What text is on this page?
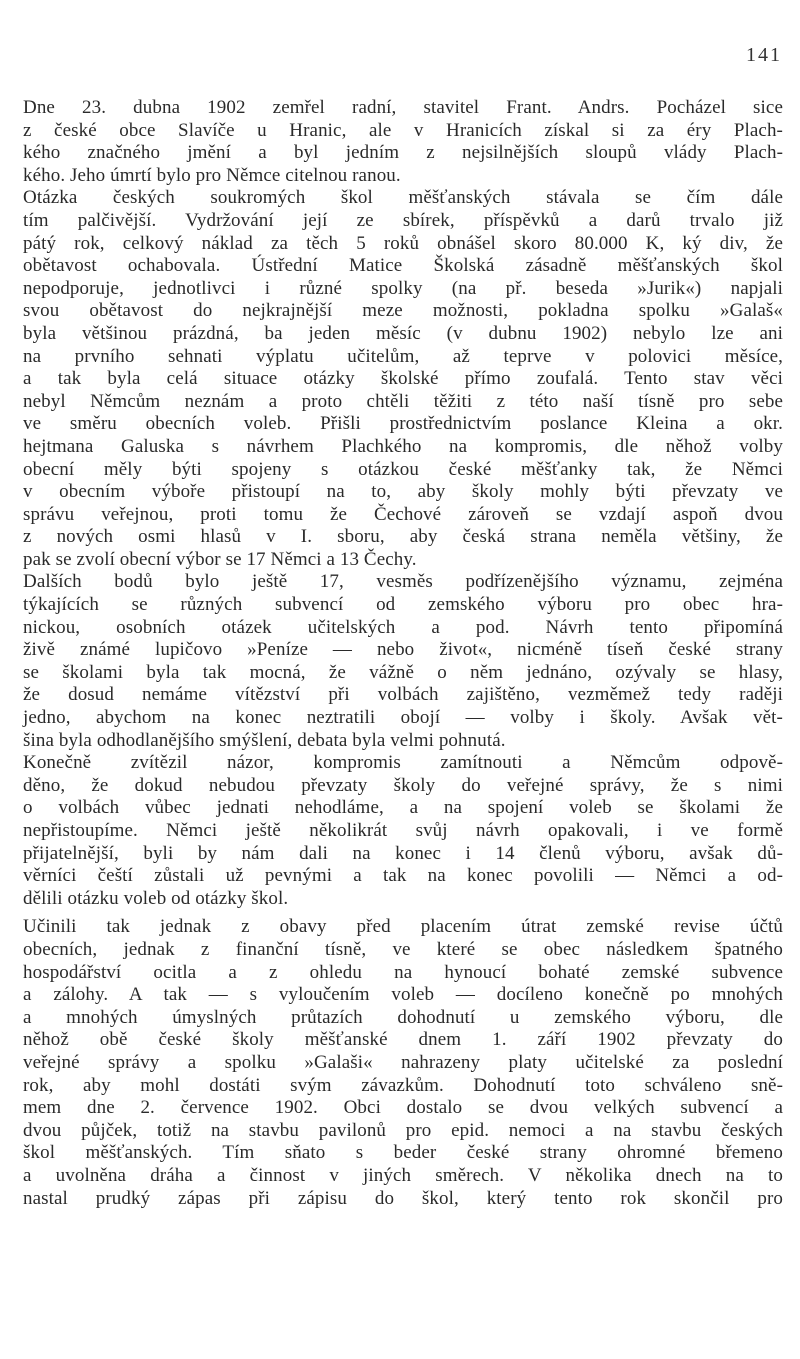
141
Dne 23. dubna 1902 zemřel radní, stavitel Frant. Andrs. Pocházel sice
z české obce Slavíče u Hranic, ale v Hranicích získal si za éry Plach-
kého značného jmění a byl jedním z nejsilnějších sloupů vlády Plach-
kého. Jeho úmrtí bylo pro Němce citelnou ranou.
Otázka českých soukromých škol měšťanských stávala se čím dále
tím palčivější. Vydržování její ze sbírek, příspěvků a darů trvalo již
pátý rok, celkový náklad za těch 5 roků obnášel skoro 80.000 K, ký div, že
obětavost ochabovala. Ústřední Matice Školská zásadně měšťanských škol
nepodporuje, jednotlivci i různé spolky (na př. beseda »Jurik«) napjali
svou obětavost do nejkrajnější meze možnosti, pokladna spolku »Galaš«
byla většinou prázdná, ba jeden měsíc (v dubnu 1902) nebylo lze ani
na prvního sehnati výplatu učitelům, až teprve v polovici měsíce,
a tak byla celá situace otázky školské přímo zoufalá. Tento stav věci
nebyl Němcům neznám a proto chtěli těžiti z této naší tísně pro sebe
ve směru obecních voleb. Přišli prostřednictvím poslance Kleina a okr.
hejtmana Galuska s návrhem Plachkého na kompromis, dle něhož volby
obecní měly býti spojeny s otázkou české měšťanky tak, že Němci
v obecním výboře přistoupí na to, aby školy mohly býti převzaty ve
správu veřejnou, proti tomu že Čechové zároveň se vzdají aspoň dvou
z nových osmi hlasů v I. sboru, aby česká strana neměla většiny, že
pak se zvolí obecní výbor se 17 Němci a 13 Čechy.
Dalších bodů bylo ještě 17, vesměs podřízenějšího významu, zejména
týkajících se různých subvencí od zemského výboru pro obec hra-
nickou, osobních otázek učitelských a pod. Návrh tento připomíná
živě známé lupičovo »Peníze — nebo život«, nicméně tíseň české strany
se školami byla tak mocná, že vážně o něm jednáno, ozývaly se hlasy,
že dosud nemáme vítězství při volbách zajištěno, vezměmež tedy raději
jedno, abychom na konec neztratili obojí — volby i školy. Avšak vět-
šina byla odhodlanějšího smýšlení, debata byla velmi pohnutá.
Konečně zvítězil názor, kompromis zamítnouti a Němcům odpově-
děno, že dokud nebudou převzaty školy do veřejné správy, že s nimi
o volbách vůbec jednati nehodláme, a na spojení voleb se školami že
nepřistoupíme. Němci ještě několikrát svůj návrh opakovali, i ve formě
přijatelnější, byli by nám dali na konec i 14 členů výboru, avšak dů-
věrníci čeští zůstali už pevnými a tak na konec povolili — Němci a od-
dělili otázku voleb od otázky škol.
Učinili tak jednak z obavy před placením útrat zemské revise účtů
obecních, jednak z finanční tísně, ve které se obec následkem špatného
hospodářství ocitla a z ohledu na hynoucí bohaté zemské subvence
a zálohy. A tak — s vyloučením voleb — docíleno konečně po mnohých
a mnohých úmyslných průtazích dohodnutí u zemského výboru, dle
něhož obě české školy měšťanské dnem 1. září 1902 převzaty do
veřejné správy a spolku »Galaši« nahrazeny platy učitelské za poslední
rok, aby mohl dostáti svým závazkům. Dohodnutí toto schváleno sně-
mem dne 2. července 1902. Obci dostalo se dvou velkých subvencí a
dvou půjček, totiž na stavbu pavilonů pro epid. nemoci a na stavbu českých
škol měšťanských. Tím sňato s beder české strany ohromné břemeno
a uvolněna dráha a činnost v jiných směrech. V několika dnech na to
nastal prudký zápas při zápisu do škol, který tento rok skončil pro
